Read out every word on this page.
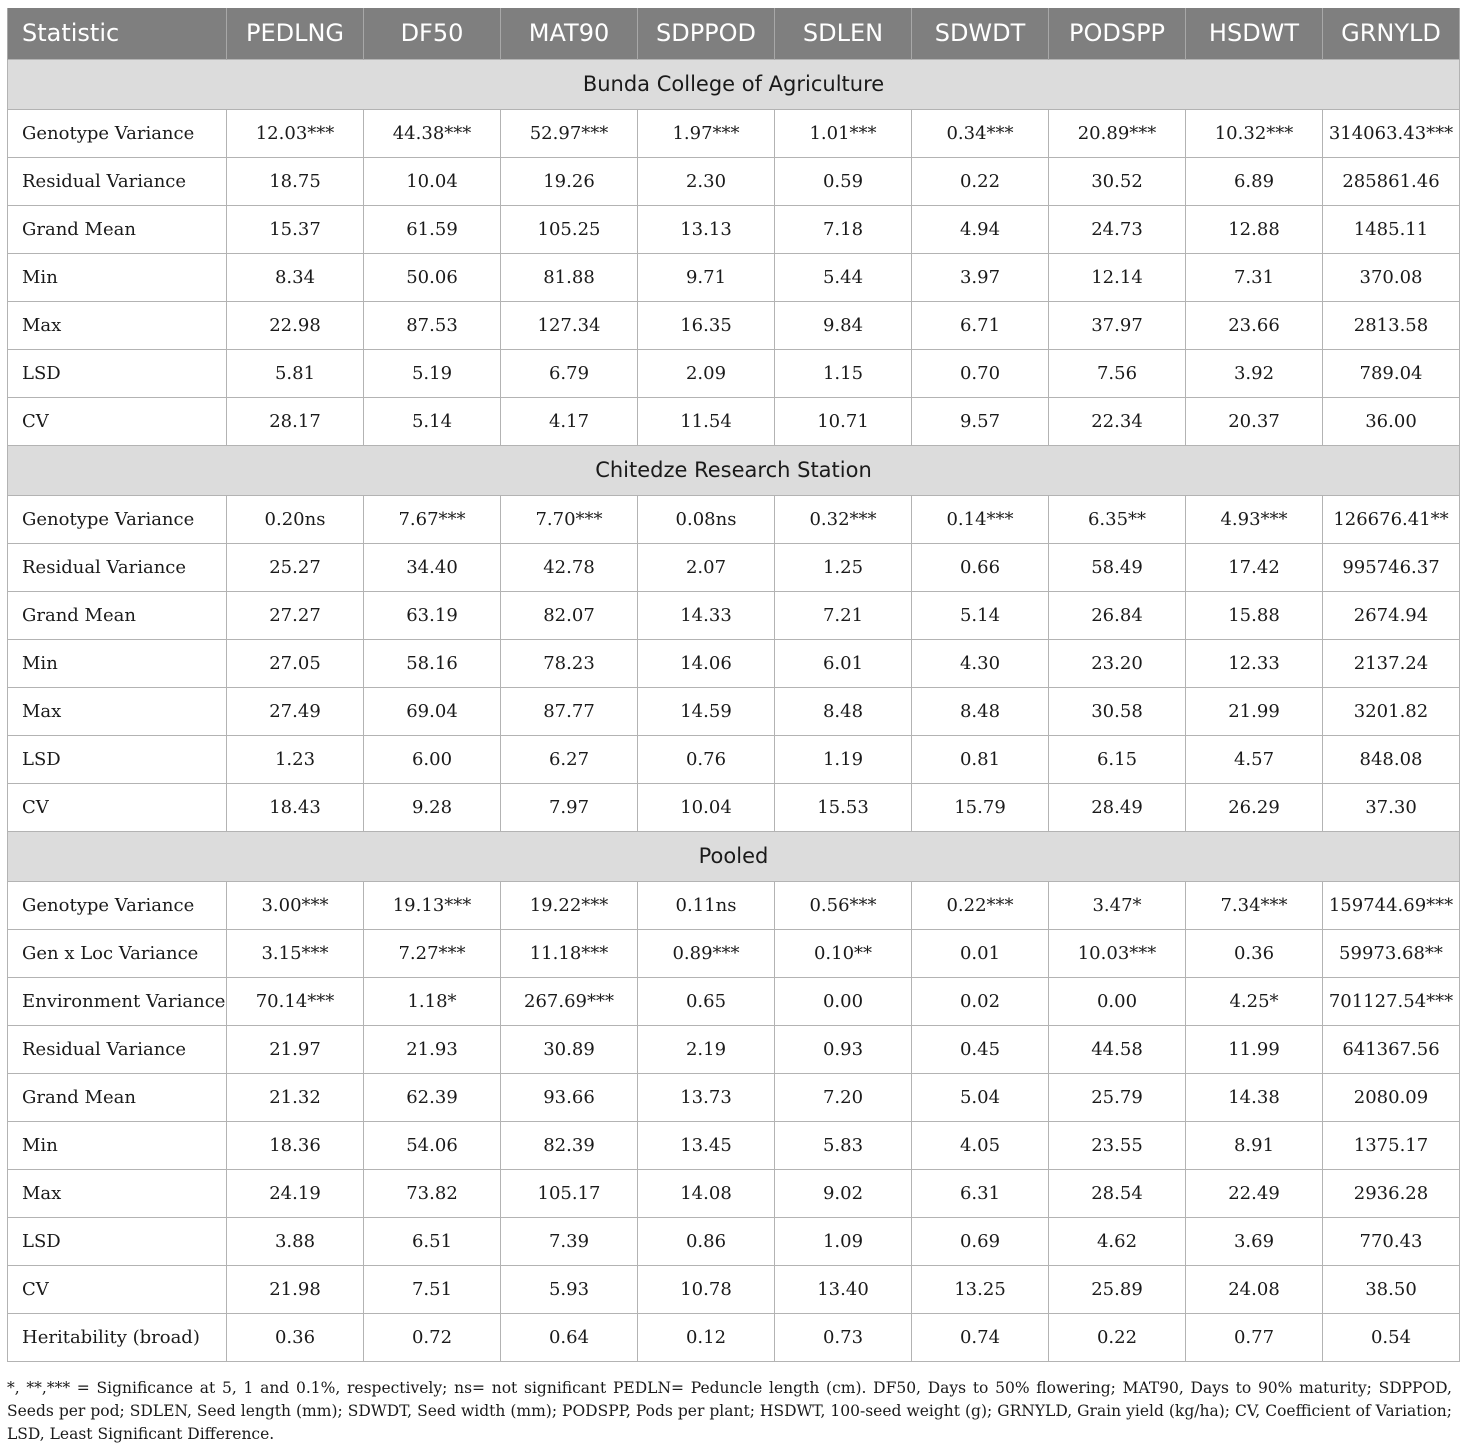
Statistic	PEDLNG	DF50	MAT90	SDPPOD	SDLEN	SDWDT	PODSPP	HSDWT	GRNYLD
Bunda College of Agriculture									
Genotype Variance	12.03***	44.38***	52.97***	1.97***	1.01***	0.34***	20.89***	10.32***	314063.43***
Residual Variance	18.75	10.04	19.26	2.30	0.59	0.22	30.52	6.89	285861.46
Grand Mean	15.37	61.59	105.25	13.13	7.18	4.94	24.73	12.88	1485.11
Min	8.34	50.06	81.88	9.71	5.44	3.97	12.14	7.31	370.08
Max	22.98	87.53	127.34	16.35	9.84	6.71	37.97	23.66	2813.58
LSD	5.81	5.19	6.79	2.09	1.15	0.70	7.56	3.92	789.04
CV	28.17	5.14	4.17	11.54	10.71	9.57	22.34	20.37	36.00
Chitedze Research Station									
Genotype Variance	0.20ns	7.67***	7.70***	0.08ns	0.32***	0.14***	6.35**	4.93***	126676.41**
Residual Variance	25.27	34.40	42.78	2.07	1.25	0.66	58.49	17.42	995746.37
Grand Mean	27.27	63.19	82.07	14.33	7.21	5.14	26.84	15.88	2674.94
Min	27.05	58.16	78.23	14.06	6.01	4.30	23.20	12.33	2137.24
Max	27.49	69.04	87.77	14.59	8.48	8.48	30.58	21.99	3201.82
LSD	1.23	6.00	6.27	0.76	1.19	0.81	6.15	4.57	848.08
CV	18.43	9.28	7.97	10.04	15.53	15.79	28.49	26.29	37.30
Pooled									
Genotype Variance	3.00***	19.13***	19.22***	0.11ns	0.56***	0.22***	3.47*	7.34***	159744.69***
Gen x Loc Variance	3.15***	7.27***	11.18***	0.89***	0.10**	0.01	10.03***	0.36	59973.68**
Environment Variance	70.14***	1.18*	267.69***	0.65	0.00	0.02	0.00	4.25*	701127.54***
Residual Variance	21.97	21.93	30.89	2.19	0.93	0.45	44.58	11.99	641367.56
Grand Mean	21.32	62.39	93.66	13.73	7.20	5.04	25.79	14.38	2080.09
Min	18.36	54.06	82.39	13.45	5.83	4.05	23.55	8.91	1375.17
Max	24.19	73.82	105.17	14.08	9.02	6.31	28.54	22.49	2936.28
LSD	3.88	6.51	7.39	0.86	1.09	0.69	4.62	3.69	770.43
CV	21.98	7.51	5.93	10.78	13.40	13.25	25.89	24.08	38.50
Heritability (broad)	0.36	0.72	0.64	0.12	0.73	0.74	0.22	0.77	0.54

*, **,*** = Significance at 5, 1 and 0.1%, respectively; ns= not significant PEDLN= Peduncle length (cm). DF50, Days to 50% flowering; MAT90, Days to 90% maturity; SDPPOD, Seeds per pod; SDLEN, Seed length (mm); SDWDT, Seed width (mm); PODSPP, Pods per plant; HSDWT, 100-seed weight (g); GRNYLD, Grain yield (kg/ha); CV, Coefficient of Variation; LSD, Least Significant Difference.
